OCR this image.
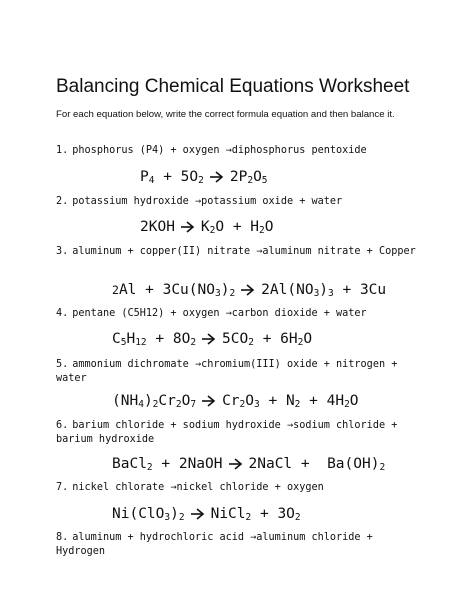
Balancing Chemical Equations Worksheet
For each equation below, write the correct formula equation and then balance it.

1. phosphorus (P4) + oxygen →diphosphorus pentoxide

$P_4 + 5O_2 \to 2P_2O_5$

2. potassium hydroxide →potassium oxide + water

$2KOH \to K_2O + H_2O$

3. aluminum + copper(II) nitrate →aluminum nitrate + Copper

$2Al + 3Cu(NO_3)_2 \to 2Al(NO_3)_3 + 3Cu$

4. pentane (C5H12) + oxygen →carbon dioxide + water

$C_5H_{12} + 8O_2 \to 5CO_2 + 6H_2O$

5. ammonium dichromate →chromium(III) oxide + nitrogen + water

$(NH_4)_2Cr_2O_7 \to Cr_2O_3 + N_2 + 4H_2O$

6. barium chloride + sodium hydroxide →sodium chloride + barium hydroxide

BaCl$_2$ + 2NaOH → 2NaCl +  $Ba(OH)_2$

7. nickel chlorate →nickel chloride + oxygen

$Ni(ClO_3)_2$ → NiCl$_2$ + $3O_2$

8. aluminum + hydrochloric acid →aluminum chloride + Hydrogen
